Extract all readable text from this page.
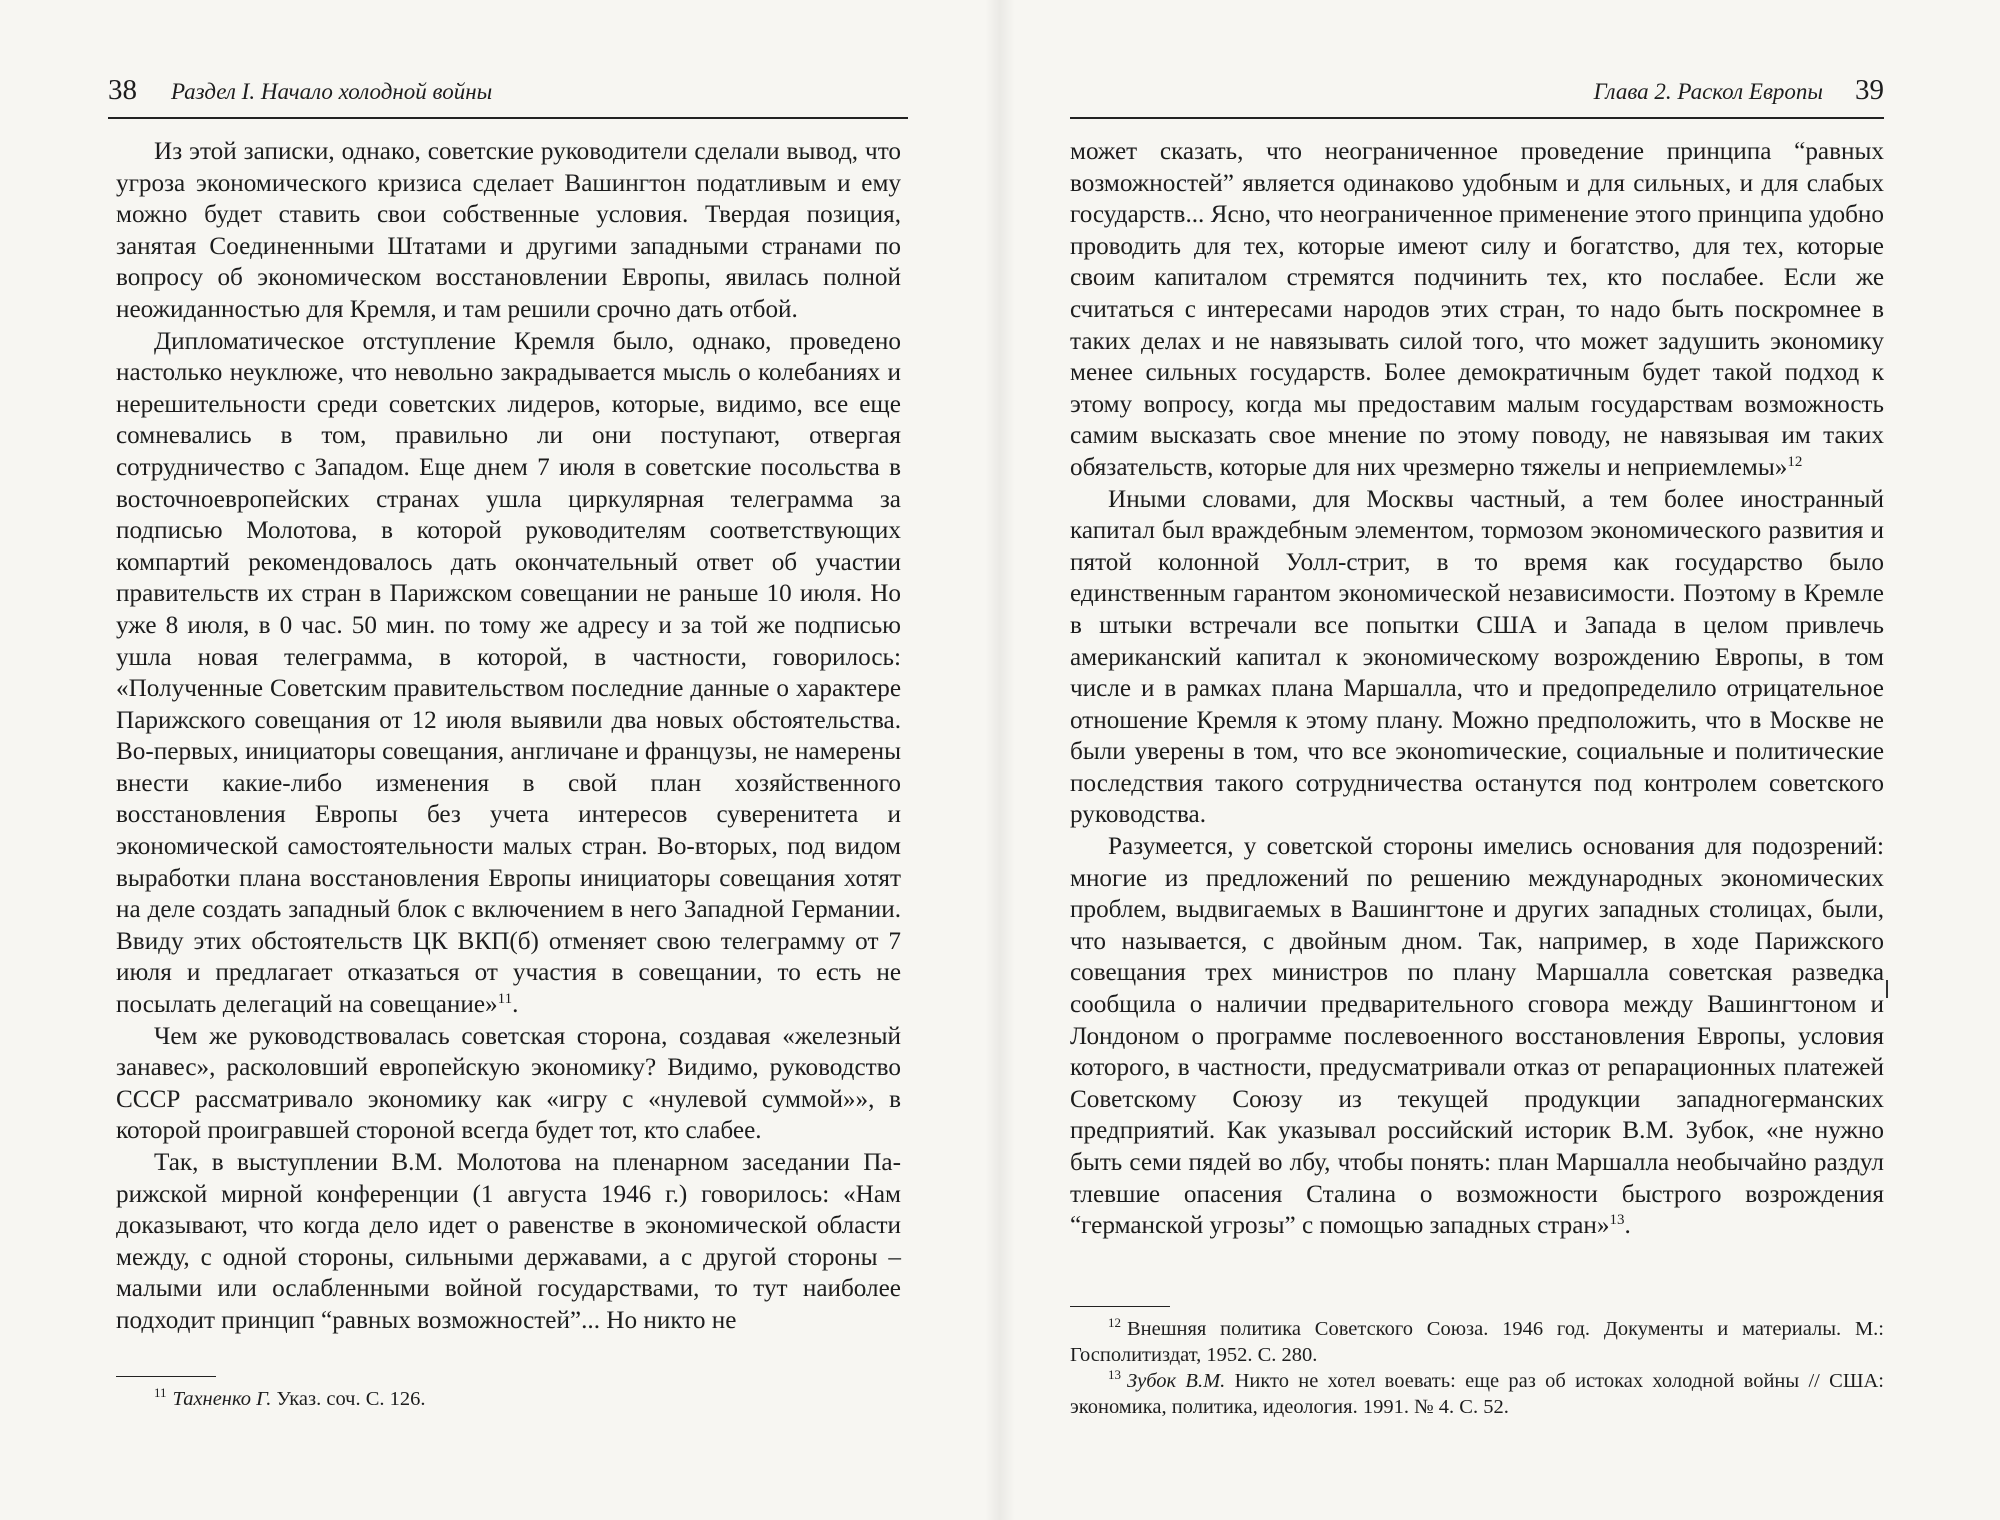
38 Раздел I. Начало холодной войны

Из этой записки, однако, советские руководители сделали вывод, что угроза экономического кризиса сделает Вашингтон податливым и ему можно будет ставить свои собственные условия. Твердая позиция, занятая Соединенными Штатами и другими западными странами по вопросу об экономическом восстановлении Европы, явилась полной неожиданностью для Кремля, и там решили срочно дать отбой.

Дипломатическое отступление Кремля было, однако, проведено настолько неуклюже, что невольно закрадывается мысль о колебаниях и нерешительности среди советских лидеров, которые, видимо, все еще сомневались в том, правильно ли они поступают, отвергая сотрудничество с Западом. Еще днем 7 июля в советские посольства в восточноевропейских странах ушла циркулярная телеграмма за подписью Молотова, в которой руководителям соответствующих компартий рекомендовалось дать окончательный ответ об участии правительств их стран в Парижском совещании не раньше 10 июля. Но уже 8 июля, в 0 час. 50 мин. по тому же адресу и за той же подписью ушла новая телеграмма, в которой, в частности, говорилось: «Полученные Советским правительством последние данные о характере Парижского совещания от 12 июля выявили два новых обстоятельства. Во-первых, инициаторы совещания, англичане и французы, не намерены внести какие-либо изменения в свой план хозяйственного восстановления Европы без учета интересов суверенитета и экономической самостоятельности малых стран. Во-вторых, под видом выработки плана восстановления Европы инициаторы совещания хотят на деле создать западный блок с включением в него Западной Германии. Ввиду этих обстоятельств ЦК ВКП(б) отменяет свою телеграмму от 7 июля и предлагает отказаться от участия в совещании, то есть не посылать делегаций на совещание»$^{11}$.

Чем же руководствовалась советская сторона, создавая «железный занавес», расколовший европейскую экономику? Видимо, руководство СССР рассматривало экономику как «игру с «нулевой суммой»», в которой проигравшей стороной всегда будет тот, кто слабее.

Так, в выступлении В.М. Молотова на пленарном заседании Парижской мирной конференции (1 августа 1946 г.) говорилось: «Нам доказывают, что когда дело идет о равенстве в экономической области между, с одной стороны, сильными державами, а с другой стороны – малыми или ослабленными войной государствами, то тут наиболее подходит принцип “равных возможностей”... Но никто не

$^{11}$ Тахненко Г. Указ. соч. С. 126.

Глава 2. Раскол Европы 39

может сказать, что неограниченное проведение принципа “равных возможностей” является одинаково удобным и для сильных, и для слабых государств... Ясно, что неограниченное применение этого принципа удобно проводить для тех, которые имеют силу и богатство, для тех, которые своим капиталом стремятся подчинить тех, кто послабее. Если же считаться с интересами народов этих стран, то надо быть поскромнее в таких делах и не навязывать силой того, что может задушить экономику менее сильных государств. Более демократичным будет такой подход к этому вопросу, когда мы предоставим малым государствам возможность самим высказать свое мнение по этому поводу, не навязывая им таких обязательств, которые для них чрезмерно тяжелы и неприемлемы»$^{12}$

Иными словами, для Москвы частный, а тем более иностранный капитал был враждебным элементом, тормозом экономического развития и пятой колонной Уолл-стрит, в то время как государство было единственным гарантом экономической независимости. Поэтому в Кремле в штыки встречали все попытки США и Запада в целом привлечь американский капитал к экономическому возрождению Европы, в том числе и в рамках плана Маршалла, что и предопределило отрицательное отношение Кремля к этому плану. Можно предположить, что в Москве не были уверены в том, что все эконоmические, социальные и политические последствия такого сотрудничества останутся под контролем советского руководства.

Разумеется, у советской стороны имелись основания для подозрений: многие из предложений по решению международных экономических проблем, выдвигаемых в Вашингтоне и других западных столицах, были, что называется, с двойным дном. Так, например, в ходе Парижского совещания трех министров по плану Маршалла советская разведка сообщила о наличии предварительного сговора между Вашингтоном и Лондоном о программе послевоенного восстановления Европы, условия которого, в частности, предусматривали отказ от репарационных платежей Советскому Союзу из текущей продукции западногерманских предприятий. Как указывал российский историк В.М. Зубок, «не нужно быть семи пядей во лбу, чтобы понять: план Маршалла необычайно раздул тлевшие опасения Сталина о возможности быстрого возрождения “германской угрозы” с помощью западных стран»$^{13}$.

$^{12}$ Внешняя политика Советского Союза. 1946 год. Документы и материалы. М.: Госполитиздат, 1952. С. 280.

$^{13}$ Зубок В.М. Никто не хотел воевать: еще раз об истоках холодной войны // США: экономика, политика, идеология. 1991. № 4. С. 52.
